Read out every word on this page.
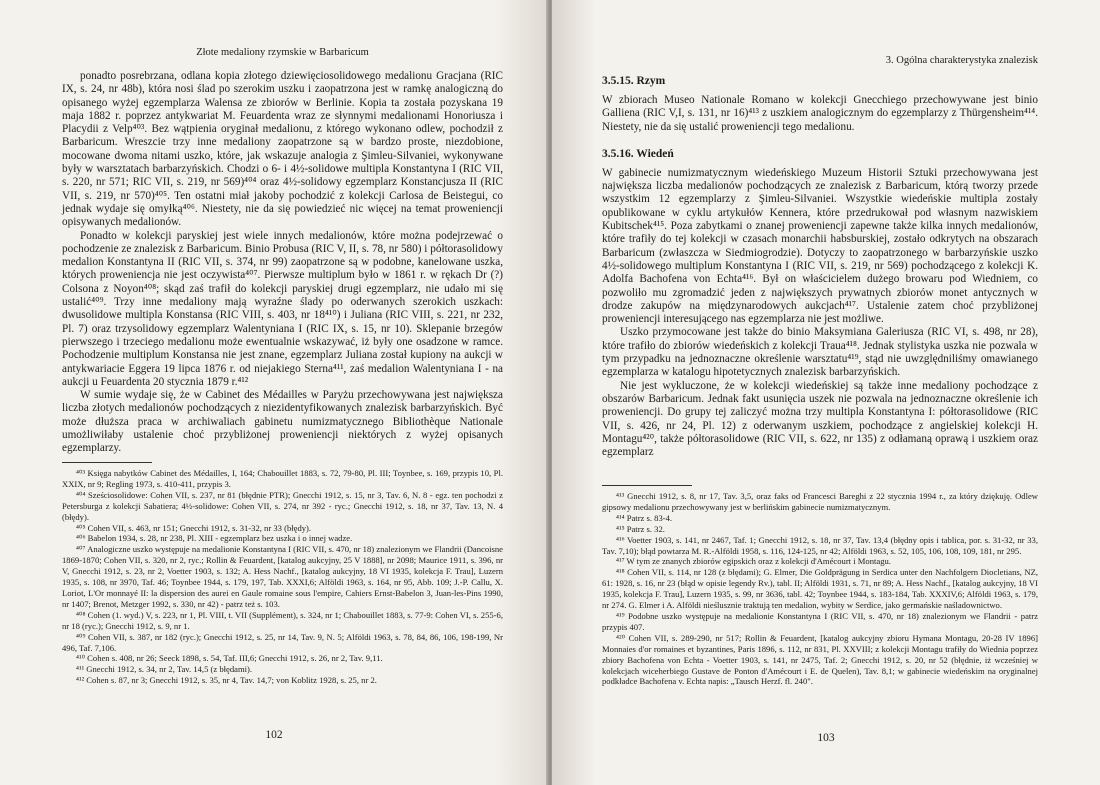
Złote medaliony rzymskie w Barbaricum

ponadto posrebrzana, odlana kopia złotego dziewięciosolidowego medalionu Gracjana (RIC IX, s. 24, nr 48b), która nosi ślad po szerokim uszku i zaopatrzona jest w ramkę analogiczną do opisanego wyżej egzemplarza Walensa ze zbiorów w Berlinie. Kopia ta została pozyskana 19 maja 1882 r. poprzez antykwariat M. Feuardenta wraz ze słynnymi medalionami Honoriusza i Placydii z Velp⁴⁰³. Bez wątpienia oryginał medalionu, z którego wykonano odlew, pochodził z Barbaricum. Wreszcie trzy inne medaliony zaopatrzone są w bardzo proste, niezdobione, mocowane dwoma nitami uszko, które, jak wskazuje analogia z Şimleu-Silvaniei, wykonywane były w warsztatach barbarzyńskich. Chodzi o 6- i 4½-solidowe multipla Konstantyna I (RIC VII, s. 220, nr 571; RIC VII, s. 219, nr 569)⁴⁰⁴ oraz 4½-solidowy egzemplarz Konstancjusza II (RIC VII, s. 219, nr 570)⁴⁰⁵. Ten ostatni miał jakoby pochodzić z kolekcji Carlosa de Beistegui, co jednak wydaje się omyłką⁴⁰⁶. Niestety, nie da się powiedzieć nic więcej na temat proweniencji opisywanych medalionów.

Ponadto w kolekcji paryskiej jest wiele innych medalionów, które można podejrzewać o pochodzenie ze znalezisk z Barbaricum. Binio Probusa (RIC V, II, s. 78, nr 580) i półtorasolidowy medalion Konstantyna II (RIC VII, s. 374, nr 99) zaopatrzone są w podobne, kanelowane uszka, których proweniencja nie jest oczywista⁴⁰⁷. Pierwsze multiplum było w 1861 r. w rękach Dr (?) Colsona z Noyon⁴⁰⁸; skąd zaś trafił do kolekcji paryskiej drugi egzemplarz, nie udało mi się ustalić⁴⁰⁹. Trzy inne medaliony mają wyraźne ślady po oderwanych szerokich uszkach: dwusolidowe multipla Konstansa (RIC VIII, s. 403, nr 18⁴¹⁰) i Juliana (RIC VIII, s. 221, nr 232, Pl. 7) oraz trzysolidowy egzemplarz Walentyniana I (RIC IX, s. 15, nr 10). Sklepanie brzegów pierwszego i trzeciego medalionu może ewentualnie wskazywać, iż były one osadzone w ramce. Pochodzenie multiplum Konstansa nie jest znane, egzemplarz Juliana został kupiony na aukcji w antykwariacie Eggera 19 lipca 1876 r. od niejakiego Sterna⁴¹¹, zaś medalion Walentyniana I - na aukcji u Feuardenta 20 stycznia 1879 r.⁴¹²

W sumie wydaje się, że w Cabinet des Médailles w Paryżu przechowywana jest największa liczba złotych medalionów pochodzących z niezidentyfikowanych znalezisk barbarzyńskich. Być może dłuższa praca w archiwaliach gabinetu numizmatycznego Bibliothèque Nationale umożliwiłaby ustalenie choć przybliżonej proweniencji niektórych z wyżej opisanych egzemplarzy.

⁴⁰³ Księga nabytków Cabinet des Médailles, I, 164; Chabouillet 1883, s. 72, 79-80, Pl. III; Toynbee, s. 169, przypis 10, Pl. XXIX, nr 9; Regling 1973, s. 410-411, przypis 3.

⁴⁰⁴ Sześciosolidowe: Cohen VII, s. 237, nr 81 (błędnie PTR); Gnecchi 1912, s. 15, nr 3, Tav. 6, N. 8 - egz. ten pochodzi z Petersburga z kolekcji Sabatiera; 4½-solidowe: Cohen VII, s. 274, nr 392 - ryc.; Gnecchi 1912, s. 18, nr 37, Tav. 13, N. 4 (błędy).

⁴⁰⁵ Cohen VII, s. 463, nr 151; Gnecchi 1912, s. 31-32, nr 33 (błędy).

⁴⁰⁶ Babelon 1934, s. 28, nr 238, Pl. XIII - egzemplarz bez uszka i o innej wadze.

⁴⁰⁷ Analogiczne uszko występuje na medalionie Konstantyna I (RIC VII, s. 470, nr 18) znalezionym we Flandrii (Dancoisne 1869-1870; Cohen VII, s. 320, nr 2, ryc.; Rollin & Feuardent, [katalog aukcyjny, 25 V 1888], nr 2098; Maurice 1911, s. 396, nr V, Gnecchi 1912, s. 23, nr 2, Voetter 1903, s. 132; A. Hess Nachf., [katalog aukcyjny, 18 VI 1935, kolekcja F. Trau], Luzern 1935, s. 108, nr 3970, Taf. 46; Toynbee 1944, s. 179, 197, Tab. XXXI,6; Alföldi 1963, s. 164, nr 95, Abb. 109; J.-P. Callu, X. Loriot, L'Or monnayé II: la dispersion des aurei en Gaule romaine sous l'empire, Cahiers Ernst-Babelon 3, Juan-les-Pins 1990, nr 1407; Brenot, Metzger 1992, s. 330, nr 42) - patrz też s. 103.

⁴⁰⁸ Cohen (1. wyd.) V, s. 223, nr 1, Pl. VIII, t. VII (Supplément), s. 324, nr 1; Chabouillet 1883, s. 77-9: Cohen VI, s. 255-6, nr 18 (ryc.); Gnecchi 1912, s. 9, nr 1.

⁴⁰⁹ Cohen VII, s. 387, nr 182 (ryc.); Gnecchi 1912, s. 25, nr 14, Tav. 9, N. 5; Alföldi 1963, s. 78, 84, 86, 106, 198-199, Nr 496, Taf. 7,106.

⁴¹⁰ Cohen s. 408, nr 26; Seeck 1898, s. 54, Taf. III,6; Gnecchi 1912, s. 26, nr 2, Tav. 9,11.

⁴¹¹ Gnecchi 1912, s. 34, nr 2, Tav. 14,5 (z błędami).

⁴¹² Cohen s. 87, nr 3; Gnecchi 1912, s. 35, nr 4, Tav. 14,7; von Koblitz 1928, s. 25, nr 2.

102

3. Ogólna charakterystyka znalezisk

3.5.15. Rzym

W zbiorach Museo Nationale Romano w kolekcji Gnecchiego przechowywane jest binio Galliena (RIC V,I, s. 131, nr 16)⁴¹³ z uszkiem analogicznym do egzemplarzy z Thürgensheim⁴¹⁴. Niestety, nie da się ustalić proweniencji tego medalionu.

3.5.16. Wiedeń

W gabinecie numizmatycznym wiedeńskiego Muzeum Historii Sztuki przechowywana jest największa liczba medalionów pochodzących ze znalezisk z Barbaricum, którą tworzy przede wszystkim 12 egzemplarzy z Şimleu-Silvaniei. Wszystkie wiedeńskie multipla zostały opublikowane w cyklu artykułów Kennera, które przedrukował pod własnym nazwiskiem Kubitschek⁴¹⁵. Poza zabytkami o znanej proweniencji zapewne także kilka innych medalionów, które trafiły do tej kolekcji w czasach monarchii habsburskiej, zostało odkrytych na obszarach Barbaricum (zwłaszcza w Siedmiogrodzie). Dotyczy to zaopatrzonego w barbarzyńskie uszko 4½-solidowego multiplum Konstantyna I (RIC VII, s. 219, nr 569) pochodzącego z kolekcji K. Adolfa Bachofena von Echta⁴¹⁶. Był on właścicielem dużego browaru pod Wiedniem, co pozwoliło mu zgromadzić jeden z największych prywatnych zbiorów monet antycznych w drodze zakupów na międzynarodowych aukcjach⁴¹⁷. Ustalenie zatem choć przybliżonej proweniencji interesującego nas egzemplarza nie jest możliwe.

Uszko przymocowane jest także do binio Maksymiana Galeriusza (RIC VI, s. 498, nr 28), które trafiło do zbiorów wiedeńskich z kolekcji Traua⁴¹⁸. Jednak stylistyka uszka nie pozwala w tym przypadku na jednoznaczne określenie warsztatu⁴¹⁹, stąd nie uwzględniliśmy omawianego egzemplarza w katalogu hipotetycznych znalezisk barbarzyńskich.

Nie jest wykluczone, że w kolekcji wiedeńskiej są także inne medaliony pochodzące z obszarów Barbaricum. Jednak fakt usunięcia uszek nie pozwala na jednoznaczne określenie ich proweniencji. Do grupy tej zaliczyć można trzy multipla Konstantyna I: półtorasolidowe (RIC VII, s. 426, nr 24, Pl. 12) z oderwanym uszkiem, pochodzące z angielskiej kolekcji H. Montagu⁴²⁰, także półtorasolidowe (RIC VII, s. 622, nr 135) z odłamaną oprawą i uszkiem oraz egzemplarz

⁴¹³ Gnecchi 1912, s. 8, nr 17, Tav. 3,5, oraz faks od Francesci Bareghi z 22 stycznia 1994 r., za który dziękuję. Odlew gipsowy medalionu przechowywany jest w berlińskim gabinecie numizmatycznym.

⁴¹⁴ Patrz s. 83-4.

⁴¹⁵ Patrz s. 32.

⁴¹⁶ Voetter 1903, s. 141, nr 2467, Taf. 1; Gnecchi 1912, s. 18, nr 37, Tav. 13,4 (błędny opis i tablica, por. s. 31-32, nr 33, Tav. 7,10); błąd powtarza M. R.-Alföldi 1958, s. 116, 124-125, nr 42; Alföldi 1963, s. 52, 105, 106, 108, 109, 181, nr 295.

⁴¹⁷ W tym ze znanych zbiorów egipskich oraz z kolekcji d'Amécourt i Montagu.

⁴¹⁸ Cohen VII, s. 114, nr 128 (z błędami); G. Elmer, Die Goldprägung in Serdica unter den Nachfolgern Diocletians, NZ, 61: 1928, s. 16, nr 23 (błąd w opisie legendy Rv.), tabl. II; Alföldi 1931, s. 71, nr 89; A. Hess Nachf., [katalog aukcyjny, 18 VI 1935, kolekcja F. Trau], Luzern 1935, s. 99, nr 3636, tabl. 42; Toynbee 1944, s. 183-184, Tab. XXXIV,6; Alföldi 1963, s. 179, nr 274. G. Elmer i A. Alföldi nieślusznie traktują ten medalion, wybity w Serdice, jako germańskie naśladownictwo.

⁴¹⁹ Podobne uszko występuje na medalionie Konstantyna I (RIC VII, s. 470, nr 18) znalezionym we Flandrii - patrz przypis 407.

⁴²⁰ Cohen VII, s. 289-290, nr 517; Rollin & Feuardent, [katalog aukcyjny zbioru Hymana Montagu, 20-28 IV 1896] Monnaies d'or romaines et byzantines, Paris 1896, s. 112, nr 831, Pl. XXVIII; z kolekcji Montagu trafiły do Wiednia poprzez zbiory Bachofena von Echta - Voetter 1903, s. 141, nr 2475, Taf. 2; Gnecchi 1912, s. 20, nr 52 (błędnie, iż wcześniej w kolekcjach wiceherbiego Gustave de Ponton d'Amécourt i E. de Quelen), Tav. 8,1; w gabinecie wiedeńskim na oryginalnej podkładce Bachofena v. Echta napis: „Tausch Herzf. fl. 240".

103
